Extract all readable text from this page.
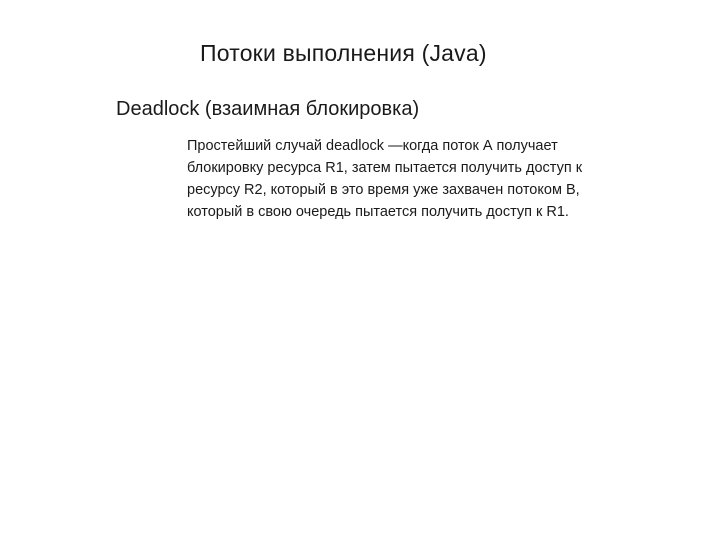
Потоки выполнения (Java)
Deadlock (взаимная блокировка)
Простейший случай deadlock —когда поток А получает
блокировку ресурса R1, затем пытается получить доступ к
ресурсу R2, который в это время уже захвачен потоком В,
который в свою очередь пытается получить доступ к R1.
